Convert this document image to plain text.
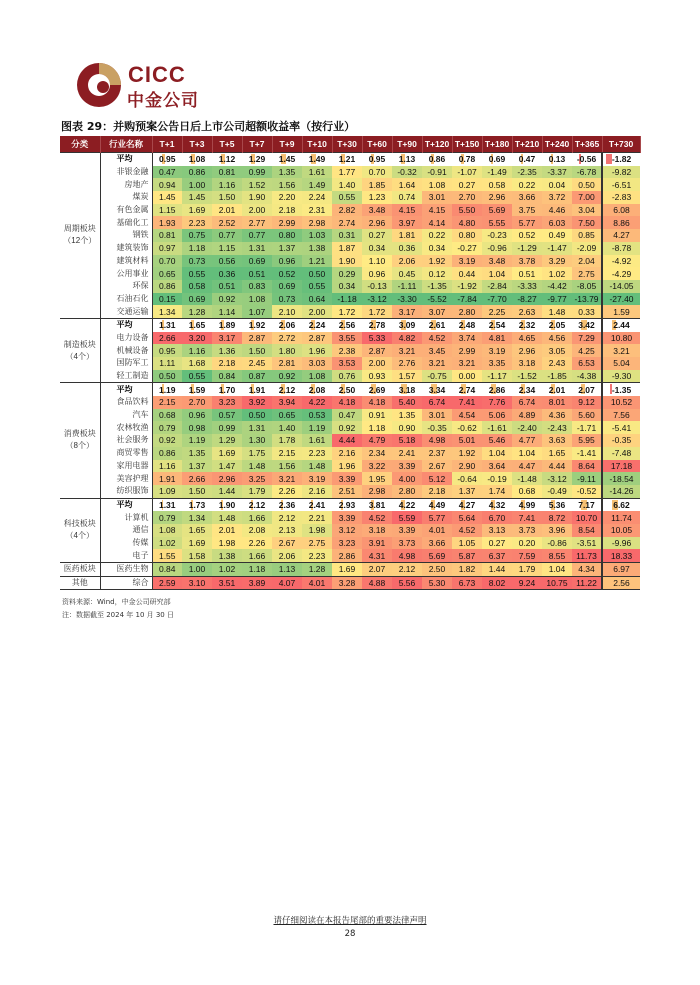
CICC
中金公司
图表 29：并购预案公告日后上市公司超额收益率（按行业）
分类	行业名称	T+1	T+3	T+5	T+7	T+9	T+10	T+30	T+60	T+90	T+120	T+150	T+180	T+210	T+240	T+365	T+730
周期板块
（12个）	平均	0.95	1.08	1.12	1.29	1.45	1.49	1.21	0.95	1.13	0.86	0.78	0.69	0.47	0.13	-0.56	-1.82
	非银金融	0.47	0.86	0.81	0.99	1.35	1.61	1.77	0.70	-0.32	-0.91	-1.07	-1.49	-2.35	-3.37	-6.78	-9.82
	房地产	0.94	1.00	1.16	1.52	1.56	1.49	1.40	1.85	1.64	1.08	0.27	0.58	0.22	0.04	0.50	-6.51
	煤炭	1.45	1.45	1.50	1.90	2.20	2.24	0.55	1.23	0.74	3.01	2.70	2.96	3.66	3.72	7.00	-2.83
	有色金属	1.15	1.69	2.01	2.00	2.18	2.31	2.82	3.48	4.15	4.15	5.50	5.69	3.75	4.46	3.04	6.08
	基础化工	1.93	2.23	2.52	2.77	2.99	2.98	2.74	2.96	3.97	4.14	4.80	5.55	5.77	6.03	7.50	8.86
	钢铁	0.81	0.75	0.77	0.77	0.80	1.03	0.31	0.27	1.81	0.22	0.80	-0.23	0.52	0.49	0.85	4.27
	建筑装饰	0.97	1.18	1.15	1.31	1.37	1.38	1.87	0.34	0.36	0.34	-0.27	-0.96	-1.29	-1.47	-2.09	-8.78
	建筑材料	0.70	0.73	0.56	0.69	0.96	1.21	1.90	1.10	2.06	1.92	3.19	3.48	3.78	3.29	2.04	-4.92
	公用事业	0.65	0.55	0.36	0.51	0.52	0.50	0.29	0.96	0.45	0.12	0.44	1.04	0.51	1.02	2.75	-4.29
	环保	0.86	0.58	0.51	0.83	0.69	0.55	0.34	-0.13	-1.11	-1.35	-1.92	-2.84	-3.33	-4.42	-8.05	-14.05
	石油石化	0.15	0.69	0.92	1.08	0.73	0.64	-1.18	-3.12	-3.30	-5.52	-7.84	-7.70	-8.27	-9.77	-13.79	-27.40
	交通运输	1.34	1.28	1.14	1.07	2.10	2.00	1.72	1.72	3.17	3.07	2.80	2.25	2.63	1.48	0.33	1.59
制造板块
（4个）	平均	1.31	1.65	1.89	1.92	2.06	2.24	2.56	2.78	3.09	2.61	2.48	2.54	2.32	2.05	3.42	2.44
	电力设备	2.66	3.20	3.17	2.87	2.72	2.87	3.55	5.33	4.82	4.52	3.74	4.81	4.65	4.56	7.29	10.80
	机械设备	0.95	1.16	1.36	1.50	1.80	1.96	2.38	2.87	3.21	3.45	2.99	3.19	2.96	3.05	4.25	3.21
	国防军工	1.11	1.68	2.18	2.45	2.81	3.03	3.53	2.00	2.76	3.21	3.21	3.35	3.18	2.43	6.53	5.04
	轻工制造	0.50	0.55	0.84	0.87	0.92	1.08	0.76	0.93	1.57	-0.75	0.00	-1.17	-1.52	-1.85	-4.38	-9.30
消费板块
（8个）	平均	1.19	1.59	1.70	1.91	2.12	2.08	2.50	2.69	3.18	3.34	2.74	2.86	2.34	2.01	2.07	-1.35
	食品饮料	2.15	2.70	3.23	3.92	3.94	4.22	4.18	4.18	5.40	6.74	7.41	7.76	6.74	8.01	9.12	10.52
	汽车	0.68	0.96	0.57	0.50	0.65	0.53	0.47	0.91	1.35	3.01	4.54	5.06	4.89	4.36	5.60	7.56
	农林牧渔	0.79	0.98	0.99	1.31	1.40	1.19	0.92	1.18	0.90	-0.35	-0.62	-1.61	-2.40	-2.43	-1.71	-5.41
	社会服务	0.92	1.19	1.29	1.30	1.78	1.61	4.44	4.79	5.18	4.98	5.01	5.46	4.77	3.63	5.95	-0.35
	商贸零售	0.86	1.35	1.69	1.75	2.15	2.23	2.16	2.34	2.41	2.37	1.92	1.04	1.04	1.65	-1.41	-7.48
	家用电器	1.16	1.37	1.47	1.48	1.56	1.48	1.96	3.22	3.39	2.67	2.90	3.64	4.47	4.44	8.64	17.18
	美容护理	1.91	2.66	2.96	3.25	3.21	3.19	3.39	1.95	4.00	5.12	-0.64	-0.19	-1.48	-3.12	-9.11	-18.54
	纺织服饰	1.09	1.50	1.44	1.79	2.26	2.16	2.51	2.98	2.80	2.18	1.37	1.74	0.68	-0.49	-0.52	-14.26
科技板块
（4个）	平均	1.31	1.73	1.90	2.12	2.36	2.41	2.93	3.81	4.22	4.49	4.27	4.32	4.99	5.36	7.17	6.62
	计算机	0.79	1.34	1.48	1.66	2.12	2.21	3.39	4.52	5.59	5.77	5.64	6.70	7.41	8.72	10.70	11.74
	通信	1.08	1.65	2.01	2.08	2.13	1.98	3.12	3.18	3.39	4.01	4.52	3.13	3.73	3.96	8.54	10.05
	传媒	1.02	1.69	1.98	2.26	2.67	2.75	3.23	3.91	3.73	3.66	1.05	0.27	0.20	-0.86	-3.51	-9.96
	电子	1.55	1.58	1.38	1.66	2.06	2.23	2.86	4.31	4.98	5.69	5.87	6.37	7.59	8.55	11.73	18.33
医药板块	医药生物	0.84	1.00	1.02	1.18	1.13	1.28	1.69	2.07	2.12	2.50	1.82	1.44	1.79	1.04	4.34	6.97
其他	综合	2.59	3.10	3.51	3.89	4.07	4.01	3.28	4.88	5.56	5.30	6.73	8.02	9.24	10.75	11.22	2.56
资料来源：Wind，中金公司研究部
注：数据截至 2024 年 10 月 30 日
请仔细阅读在本报告尾部的重要法律声明
28
